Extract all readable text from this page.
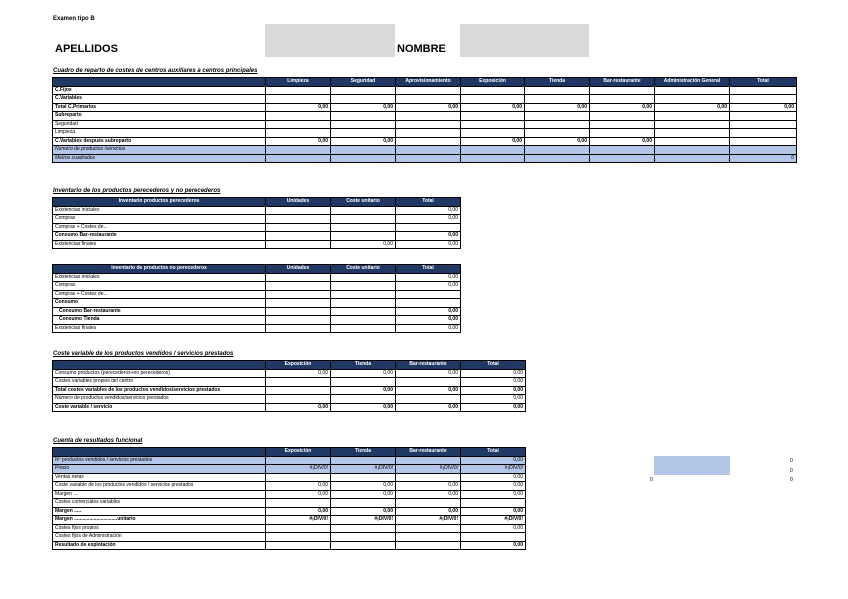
Examen tipo B
APELLIDOS	NOMBRE
Cuadro de reparto de costes de centros auxiliares a centros principales
	Limpieza	Seguridad	Aprovisionamiento	Exposición	Tienda	Bar-restaurante	Administración General	Total
C.Fijos								
C.Variables								
Total C.Primarios	0,00	0,00	0,00	0,00	0,00	0,00	0,00	0,00
Subreparto								
Seguridad								
Limpieza								
C.Variables después subreparto	0,00	0,00		0,00	0,00	0,00		
Número de productos /servicios								
Metros cuadrados								0
Inventario de los productos perecederos y no perecederos
Inventario productos perecederos	Unidades	Coste unitario	Total
Existencias iniciales			0,00
Compras			0,00
Compras + Costes de...			
Consumo Bar-restaurante			0,00
Existencias finales		0,00	0,00
Inventario de productos no perecederos	Unidades	Coste unitario	Total
Existencias iniciales			0,00
Compras			0,00
Compras + Costes de...			
Consumo			
Consumo Bar-restaurante			0,00
Consumo Tienda			0,00
Existencias finales			0,00
Coste variable de los productos vendidos / servicios prestados
	Exposición	Tienda	Bar-restaurante	Total
Consumo productos (perecederos+no perecederos)	0,00	0,00	0,00	0,00
Costes variables propios del centro				0,00
Total costes variables de los productos vendidos/servicios prestados		0,00	0,00	0,00
Número de productos vendidos/servicios prestados				0,00
Coste variable / servicio	0,00	0,00	0,00	0,00
Cuenta de resultados funcional
	Exposición	Tienda	Bar-restaurante	Total
Nº productos vendidos / servicios prestados				0,00
Precio	#¡DIV/0!	#¡DIV/0!	#¡DIV/0!	#¡DIV/0!
Ventas netas				0,00
Coste variable de los productos vendidos / servicios prestados	0,00	0,00	0,00	0,00
Margen ....	0,00	0,00	0,00	0,00
Costes comerciales variables				
Margen .....	0,00	0,00	0,00	0,00
Margen ...............................unitario	#¡DIV/0!	#¡DIV/0!	#¡DIV/0!	#¡DIV/0!
Costes fijos propios				0,00
Costes fijos de Administración				
Resultado de explotación				0,00
0
0
0
0
